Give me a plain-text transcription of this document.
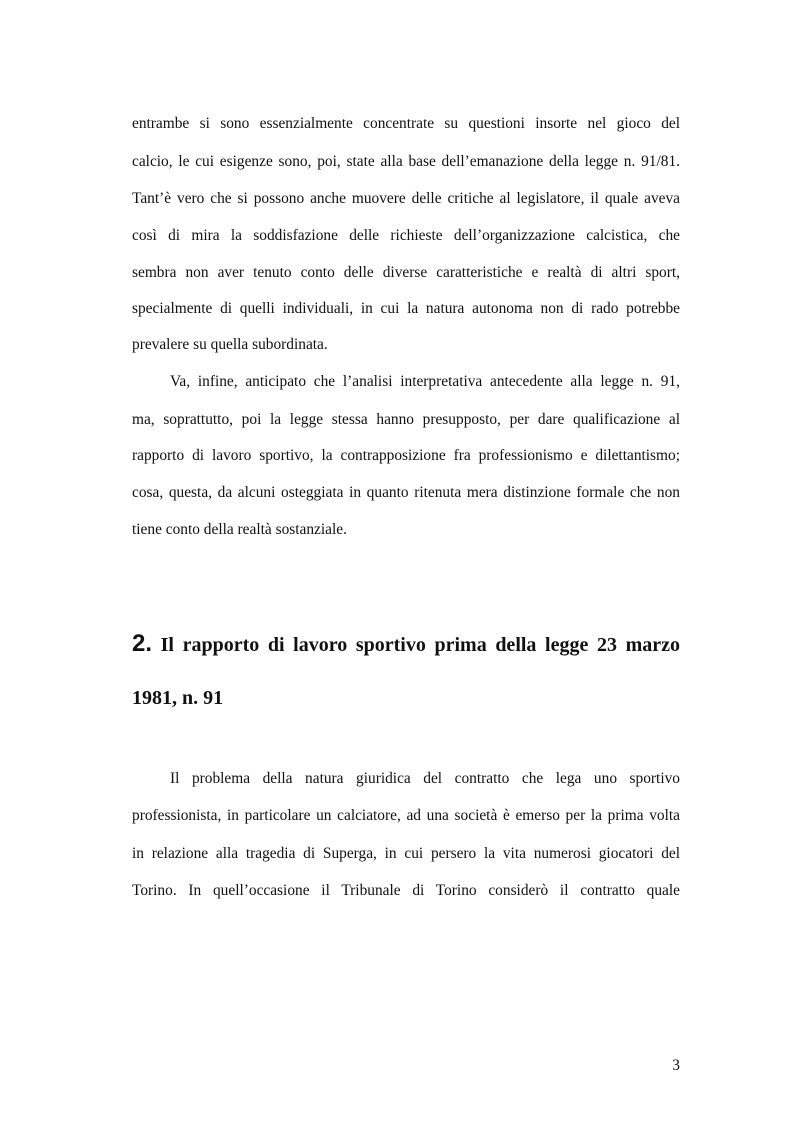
entrambe si sono essenzialmente concentrate su questioni insorte nel gioco del
calcio, le cui esigenze sono, poi, state alla base dell’emanazione della legge n. 91/81.
Tant’è vero che si possono anche muovere delle critiche al legislatore, il quale aveva
così di mira la soddisfazione delle richieste dell’organizzazione calcistica, che
sembra non aver tenuto conto delle diverse caratteristiche e realtà di altri sport,
specialmente di quelli individuali, in cui la natura autonoma non di rado potrebbe
prevalere su quella subordinata.
Va, infine, anticipato che l’analisi interpretativa antecedente alla legge n. 91,
ma, soprattutto, poi la legge stessa hanno presupposto, per dare qualificazione al
rapporto di lavoro sportivo, la contrapposizione fra professionismo e dilettantismo;
cosa, questa, da alcuni osteggiata in quanto ritenuta mera distinzione formale che non
tiene conto della realtà sostanziale.
2. Il rapporto di lavoro sportivo prima della legge 23 marzo
1981, n. 91
Il problema della natura giuridica del contratto che lega uno sportivo
professionista, in particolare un calciatore, ad una società è emerso per la prima volta
in relazione alla tragedia di Superga, in cui persero la vita numerosi giocatori del
Torino. In quell’occasione il Tribunale di Torino considerò il contratto quale
3
